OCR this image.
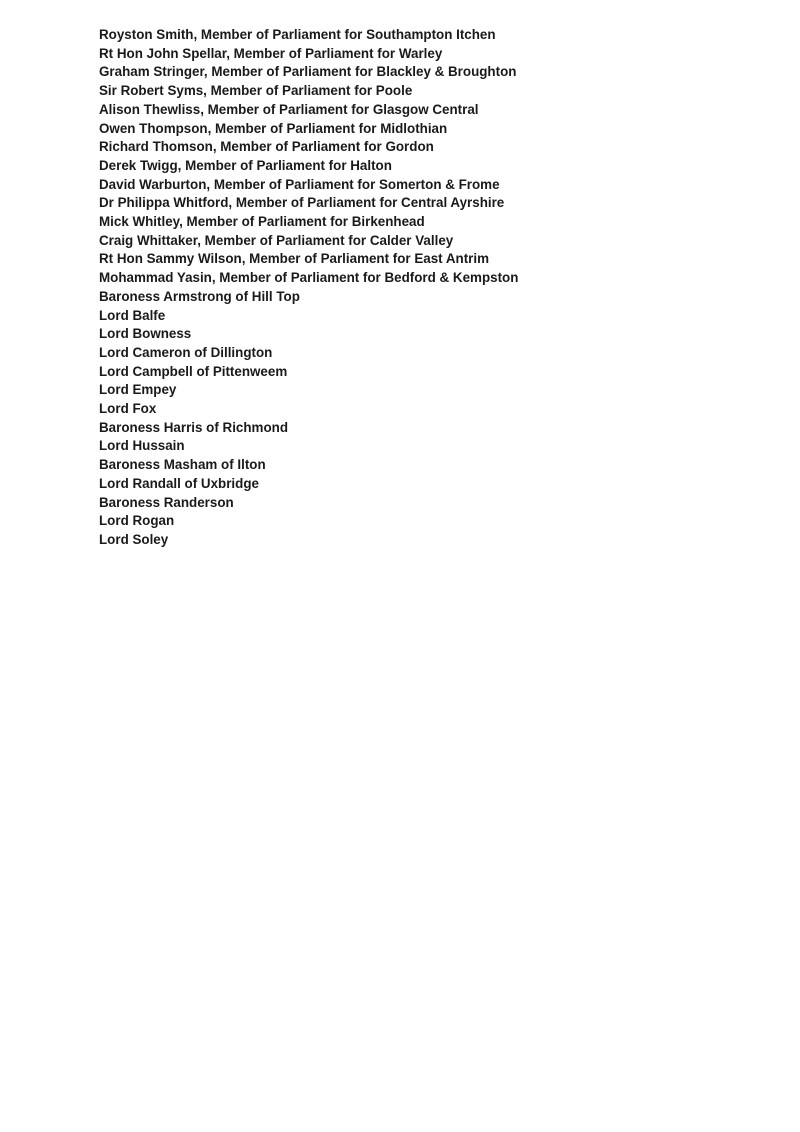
Royston Smith, Member of Parliament for Southampton Itchen
Rt Hon John Spellar, Member of Parliament for Warley
Graham Stringer, Member of Parliament for Blackley & Broughton
Sir Robert Syms, Member of Parliament for Poole
Alison Thewliss, Member of Parliament for Glasgow Central
Owen Thompson, Member of Parliament for Midlothian
Richard Thomson, Member of Parliament for Gordon
Derek Twigg, Member of Parliament for Halton
David Warburton, Member of Parliament for Somerton & Frome
Dr Philippa Whitford, Member of Parliament for Central Ayrshire
Mick Whitley, Member of Parliament for Birkenhead
Craig Whittaker, Member of Parliament for Calder Valley
Rt Hon Sammy Wilson, Member of Parliament for East Antrim
Mohammad Yasin, Member of Parliament for Bedford & Kempston
Baroness Armstrong of Hill Top
Lord Balfe
Lord Bowness
Lord Cameron of Dillington
Lord Campbell of Pittenweem
Lord Empey
Lord Fox
Baroness Harris of Richmond
Lord Hussain
Baroness Masham of Ilton
Lord Randall of Uxbridge
Baroness Randerson
Lord Rogan
Lord Soley
